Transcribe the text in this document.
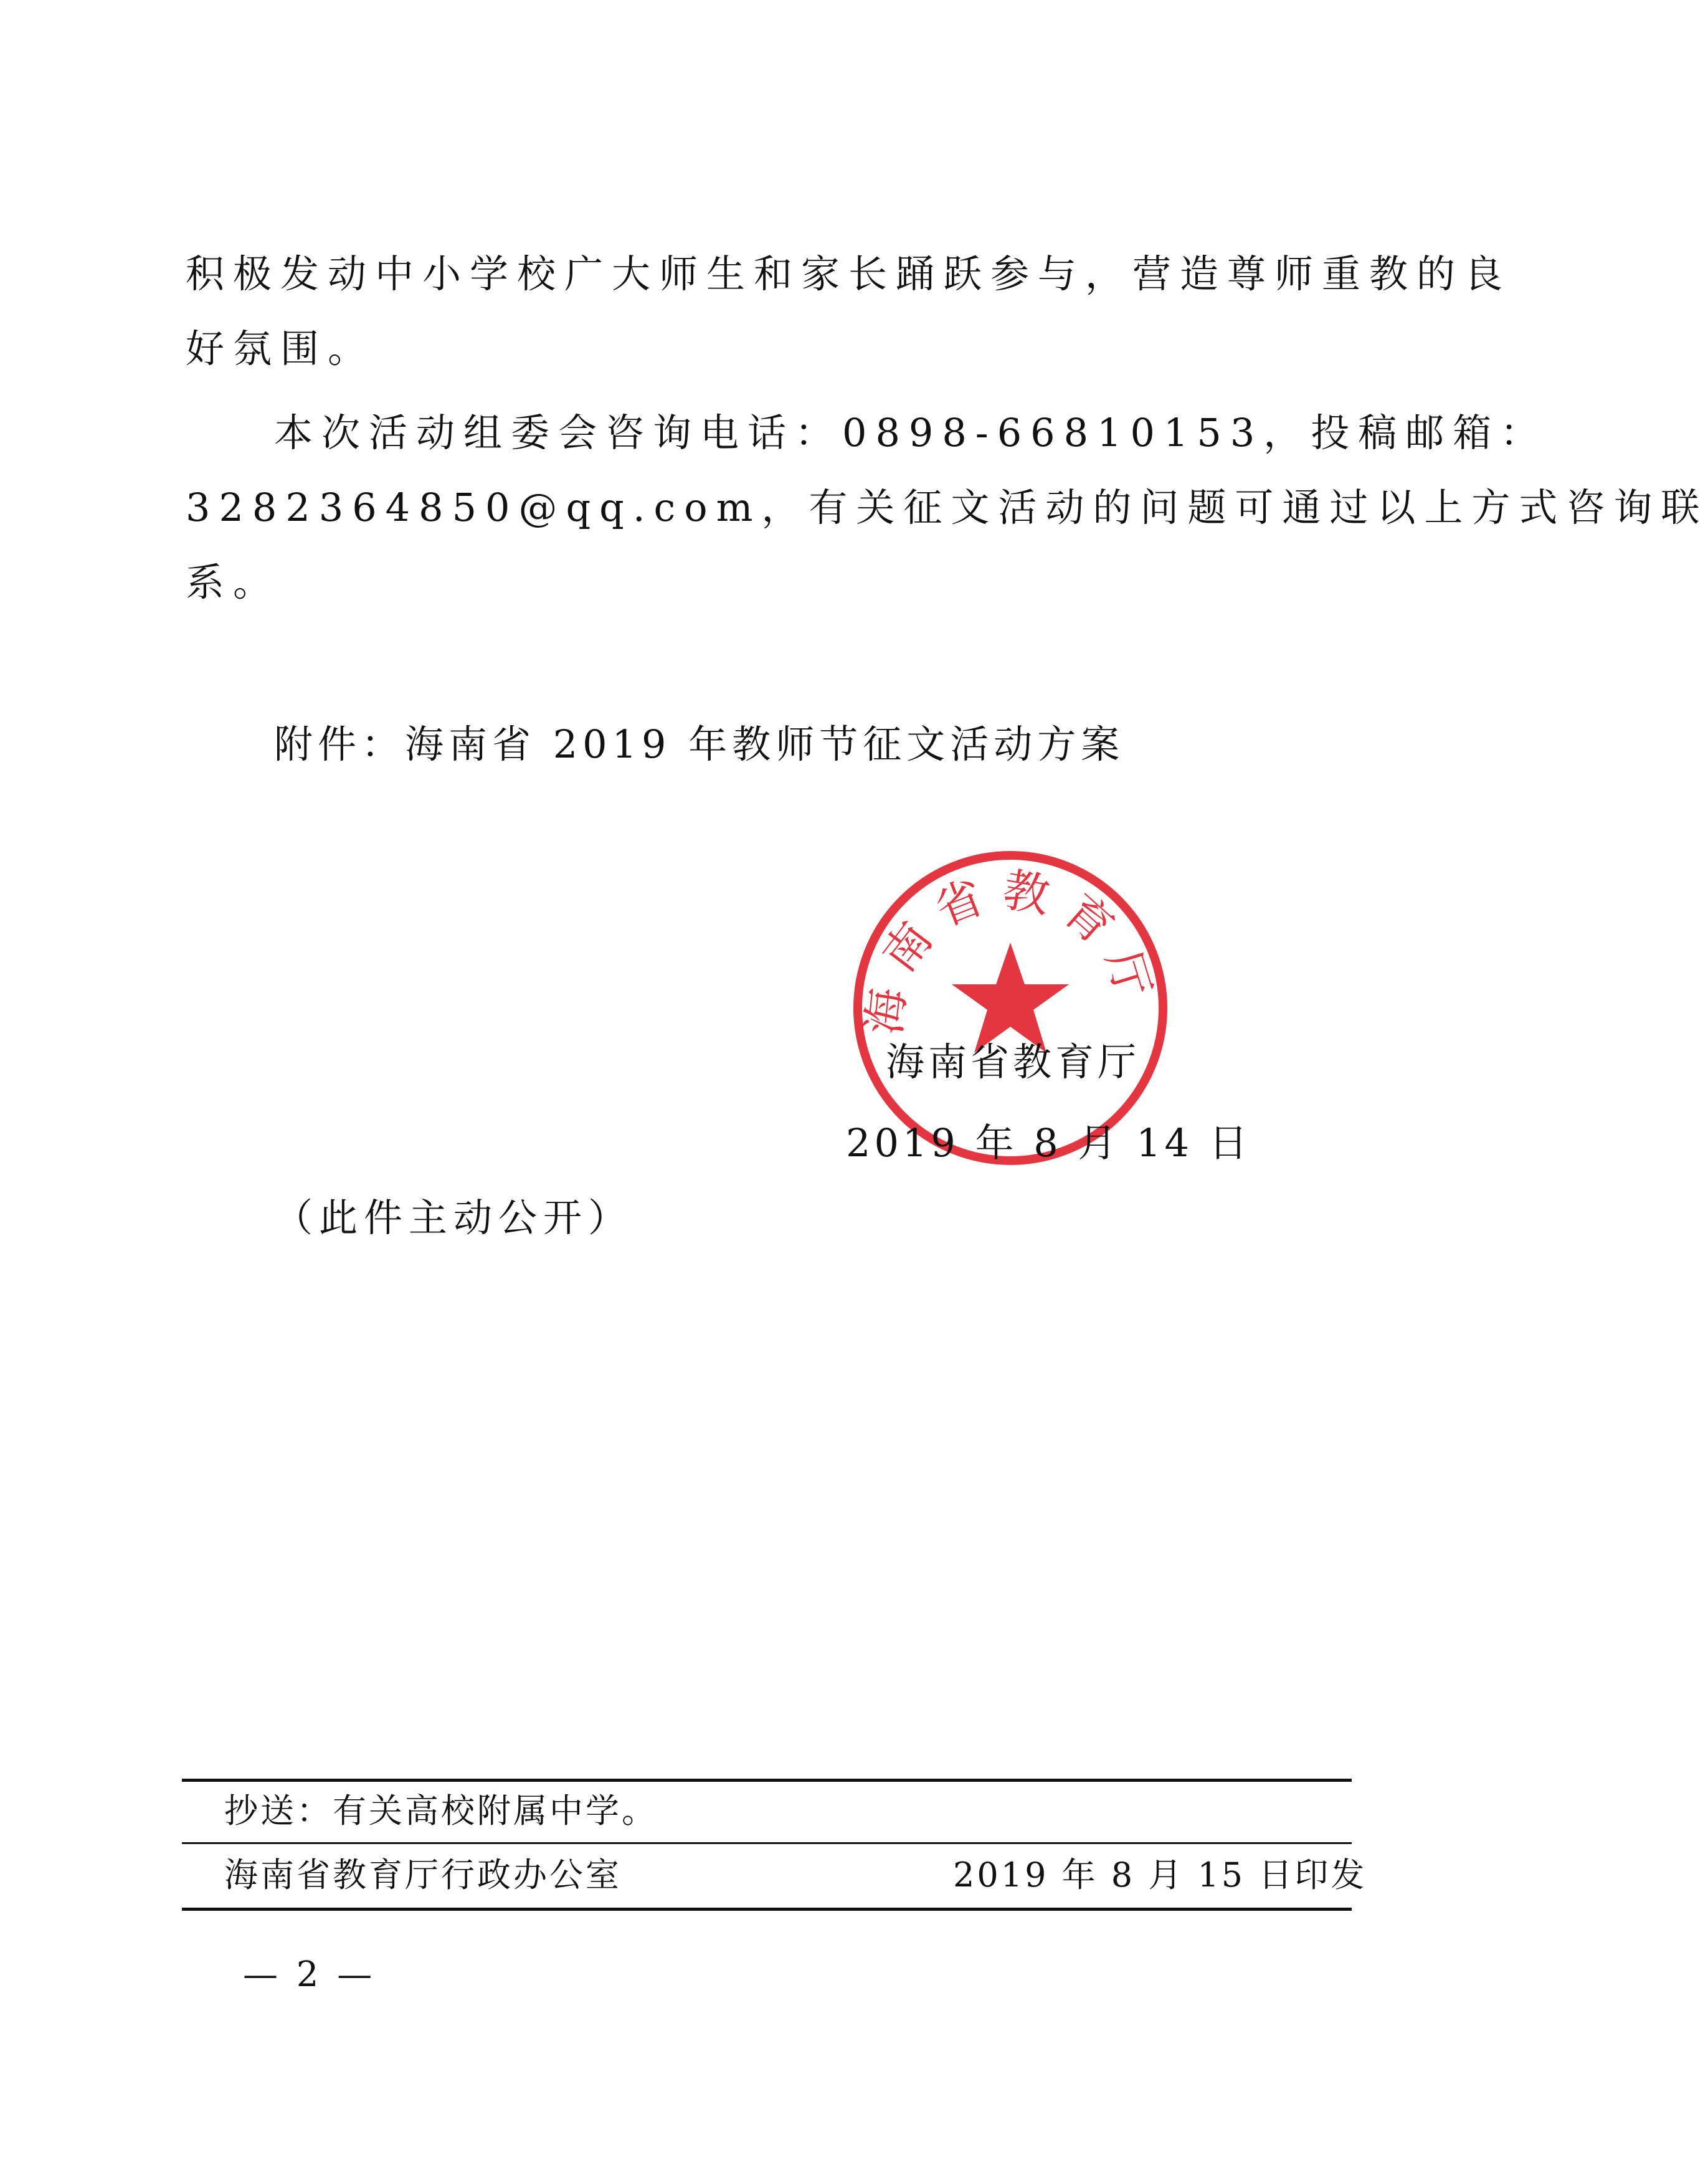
积极发动中小学校广大师生和家长踊跃参与，营造尊师重教的良
好氛围。
本次活动组委会咨询电话：0898-66810153，投稿邮箱：
3282364850@qq.com，有关征文活动的问题可通过以上方式咨询联
系。
附件：海南省 2019 年教师节征文活动方案
海南省教育厅
海南省教育厅
2019 年 8 月 14 日
（此件主动公开）
抄送：有关高校附属中学。
海南省教育厅行政办公室	2019 年 8 月 15 日印发
— 2 —
